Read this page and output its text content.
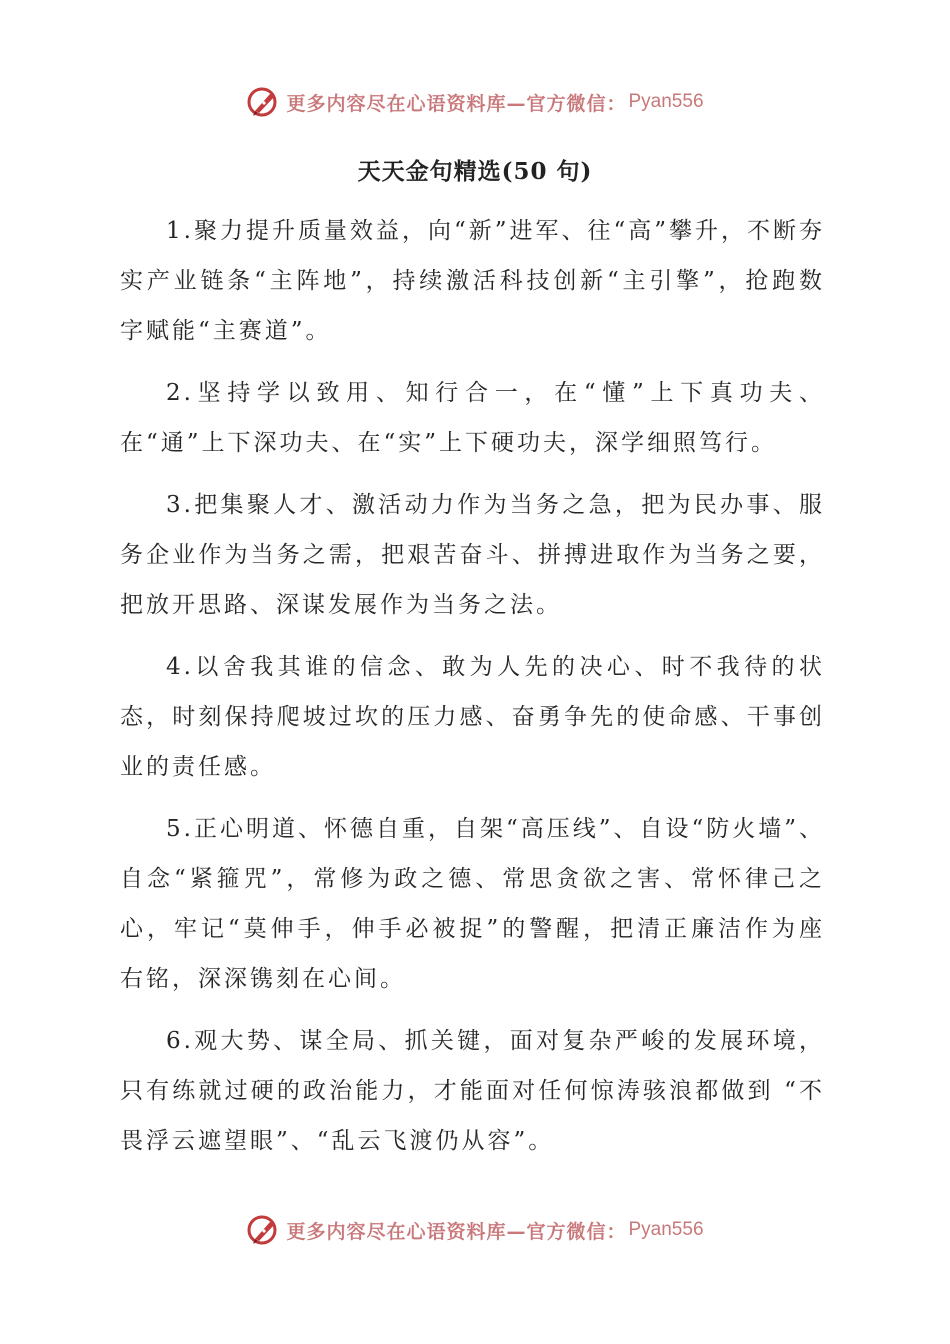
更多内容尽在心语资料库—官方微信： Pyan556
天天金句精选(50 句)

1.聚力提升质量效益，向“新”进军、往“高”攀升，不断夯实产业链条“主阵地”，持续激活科技创新“主引擎”，抢跑数字赋能“主赛道”。

2.坚持学以致用、知行合一，在“懂”上下真功夫、在“通”上下深功夫、在“实”上下硬功夫，深学细照笃行。

3.把集聚人才、激活动力作为当务之急，把为民办事、服务企业作为当务之需，把艰苦奋斗、拼搏进取作为当务之要，把放开思路、深谋发展作为当务之法。

4.以舍我其谁的信念、敢为人先的决心、时不我待的状态，时刻保持爬坡过坎的压力感、奋勇争先的使命感、干事创业的责任感。

5.正心明道、怀德自重，自架“高压线”、自设“防火墙”、自念“紧箍咒”，常修为政之德、常思贪欲之害、常怀律己之心，牢记“莫伸手，伸手必被捉”的警醒，把清正廉洁作为座右铭，深深镌刻在心间。

6.观大势、谋全局、抓关键，面对复杂严峻的发展环境，只有练就过硬的政治能力，才能面对任何惊涛骇浪都做到 “不畏浮云遮望眼”、“乱云飞渡仍从容”。

更多内容尽在心语资料库—官方微信： Pyan556
